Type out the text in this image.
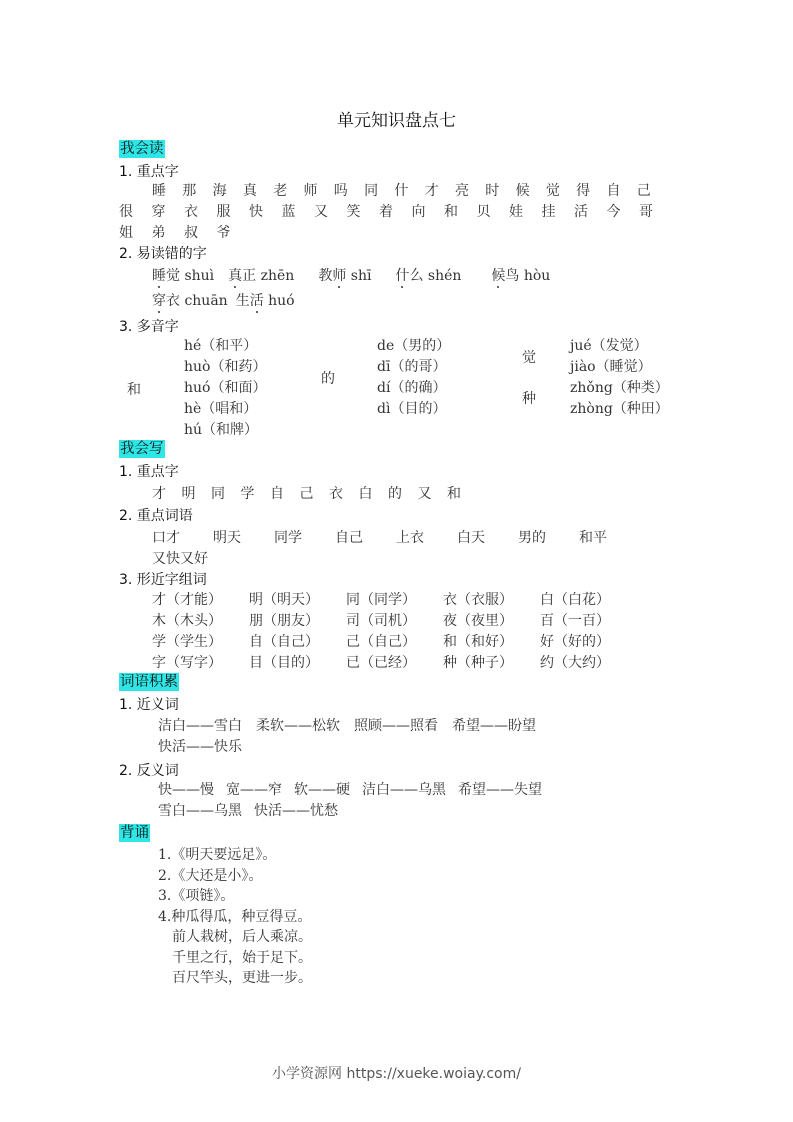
单元知识盘点七
我会读
1. 重点字
睡	那	海	真	老	师	吗	同	什	才	亮	时	候	觉	得	自	己
很	穿	衣	服	快	蓝	又	笑	着	向	和	贝	娃	挂	活	今	哥
姐	弟	叔	爷
2. 易读错的字
睡觉 shuì 真正 zhēn 教师 shī 什么 shén 候鸟 hòu
穿衣 chuān 生活 huó
3. 多音字
和
hé（和平）
huò（和药）
huó（和面）
hè（唱和）
hú（和牌）
的
de（男的）
dī（的哥）
dí（的确）
dì（目的）
觉
jué（发觉）
jiào（睡觉）
种
zhǒng（种类）
zhòng（种田）
我会写
1. 重点字
才	明	同	学	自	己	衣	白	的	又	和
2. 重点词语
口才 明天 同学 自己 上衣 白天 男的 和平
又快又好
3. 形近字组词
才（才能） 明（明天） 同（同学） 衣（衣服） 白（白花）
木（木头） 朋（朋友） 司（司机） 夜（夜里） 百（一百）
学（学生） 自（自己） 己（自己） 和（和好） 好（好的）
字（写字） 目（目的） 已（已经） 种（种子） 约（大约）
词语积累
1. 近义词
洁白——雪白 柔软——松软 照顾——照看 希望——盼望
快活——快乐
2. 反义词
快——慢 宽——窄 软——硬 洁白——乌黑 希望——失望
雪白——乌黑 快活——忧愁
背诵
1.《明天要远足》。
2.《大还是小》。
3.《项链》。
4.种瓜得瓜，种豆得豆。
前人栽树，后人乘凉。
千里之行，始于足下。
百尺竿头，更进一步。
小学资源网 https://xueke.woiay.com/
